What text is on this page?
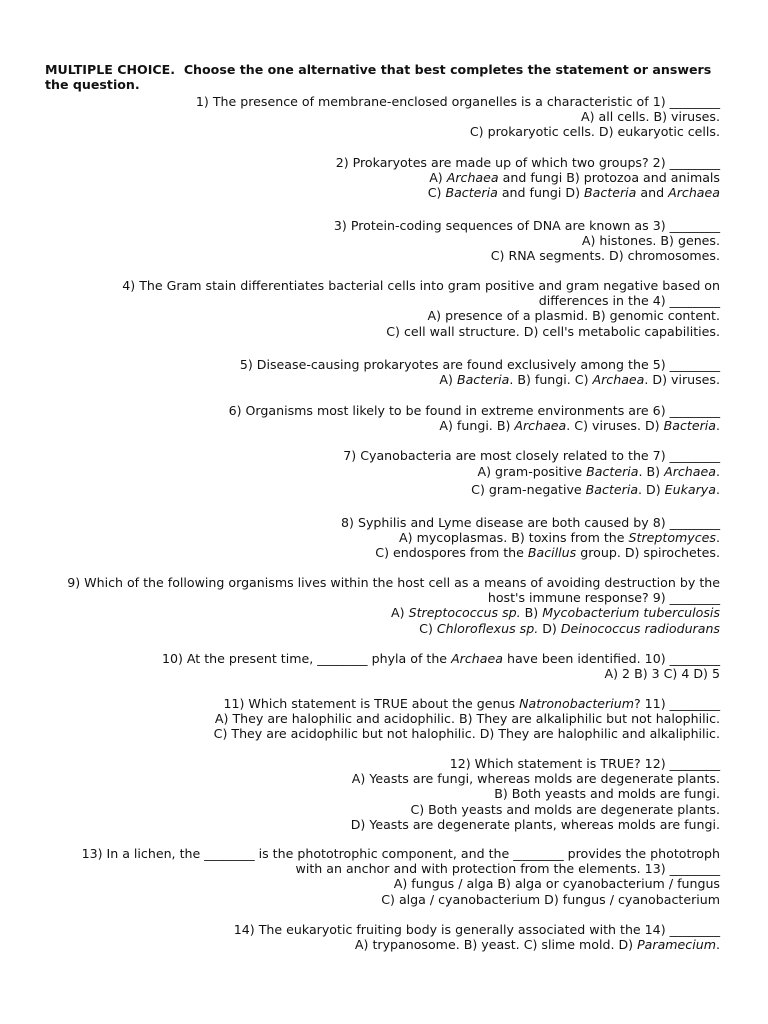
MULTIPLE CHOICE. Choose the one alternative that best completes the statement or answers the question.
1) The presence of membrane-enclosed organelles is a characteristic of 1) ________
A) all cells. B) viruses.
C) prokaryotic cells. D) eukaryotic cells.
2) Prokaryotes are made up of which two groups? 2) ________
A) Archaea and fungi B) protozoa and animals
C) Bacteria and fungi D) Bacteria and Archaea
3) Protein-coding sequences of DNA are known as 3) ________
A) histones. B) genes.
C) RNA segments. D) chromosomes.
4) The Gram stain differentiates bacterial cells into gram positive and gram negative based on
differences in the 4) ________
A) presence of a plasmid. B) genomic content.
C) cell wall structure. D) cell's metabolic capabilities.
5) Disease-causing prokaryotes are found exclusively among the 5) ________
A) Bacteria. B) fungi. C) Archaea. D) viruses.
6) Organisms most likely to be found in extreme environments are 6) ________
A) fungi. B) Archaea. C) viruses. D) Bacteria.
7) Cyanobacteria are most closely related to the 7) ________
A) gram-positive Bacteria. B) Archaea.
C) gram-negative Bacteria. D) Eukarya.
8) Syphilis and Lyme disease are both caused by 8) ________
A) mycoplasmas. B) toxins from the Streptomyces.
C) endospores from the Bacillus group. D) spirochetes.
9) Which of the following organisms lives within the host cell as a means of avoiding destruction by the
host's immune response? 9) ________
A) Streptococcus sp. B) Mycobacterium tuberculosis
C) Chloroflexus sp. D) Deinococcus radiodurans
10) At the present time, ________ phyla of the Archaea have been identified. 10) ________
A) 2 B) 3 C) 4 D) 5
11) Which statement is TRUE about the genus Natronobacterium? 11) ________
A) They are halophilic and acidophilic. B) They are alkaliphilic but not halophilic.
C) They are acidophilic but not halophilic. D) They are halophilic and alkaliphilic.
12) Which statement is TRUE? 12) ________
A) Yeasts are fungi, whereas molds are degenerate plants.
B) Both yeasts and molds are fungi.
C) Both yeasts and molds are degenerate plants.
D) Yeasts are degenerate plants, whereas molds are fungi.
13) In a lichen, the ________ is the phototrophic component, and the ________ provides the phototroph
with an anchor and with protection from the elements. 13) ________
A) fungus / alga B) alga or cyanobacterium / fungus
C) alga / cyanobacterium D) fungus / cyanobacterium
14) The eukaryotic fruiting body is generally associated with the 14) ________
A) trypanosome. B) yeast. C) slime mold. D) Paramecium.
